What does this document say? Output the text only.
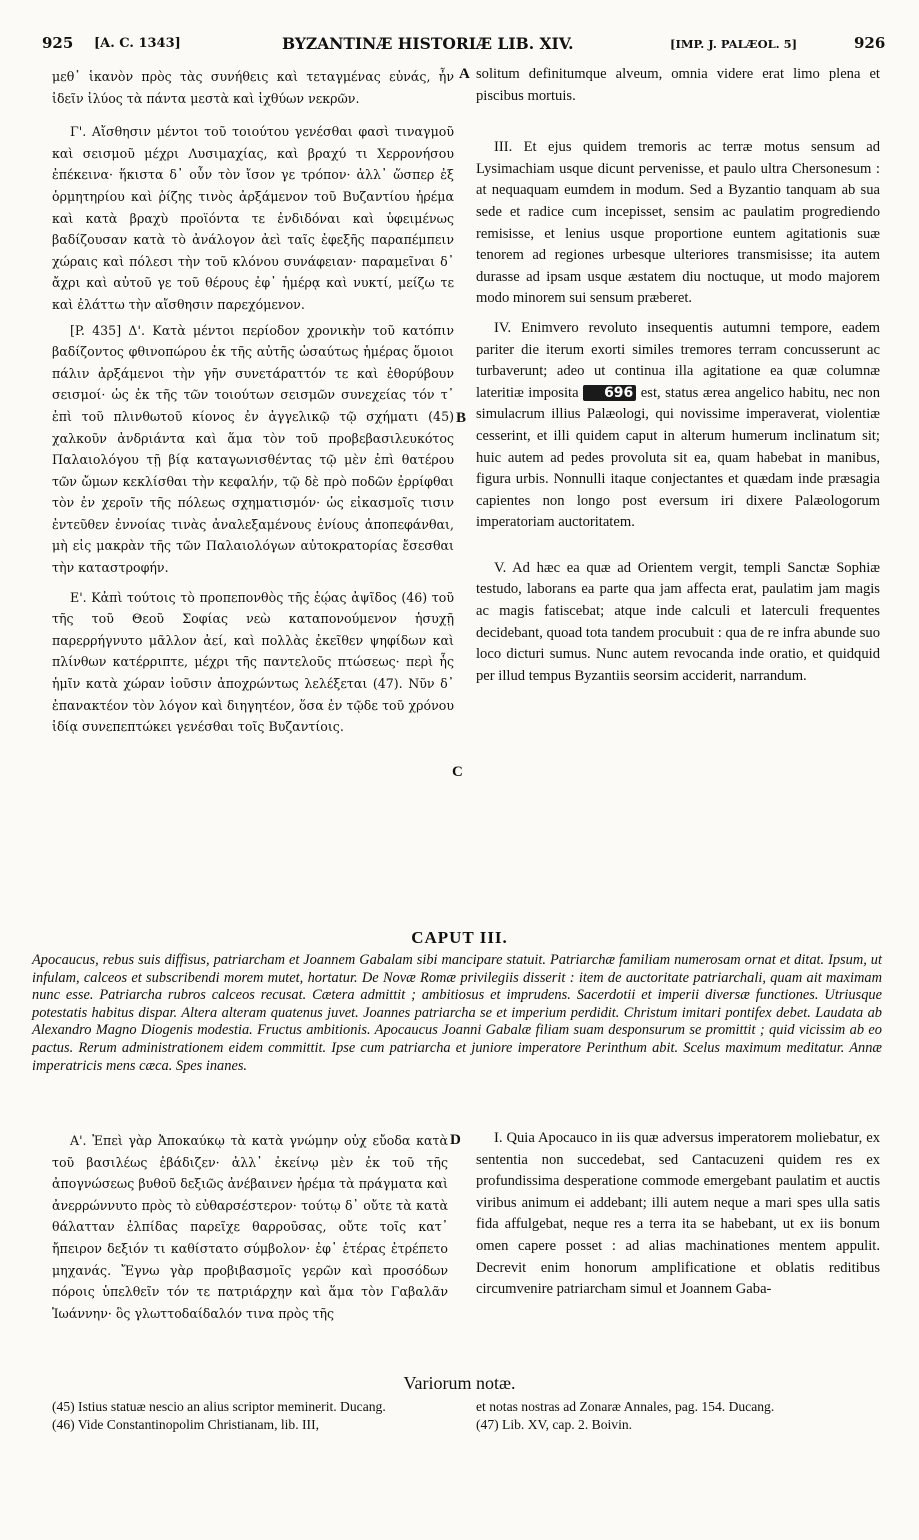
925 [A. C. 1343]	BYZANTINÆ HISTORIÆ LIB. XIV.	[IMP. J. PALÆOL. 5]	926

μεθ᾿ ἱκανὸν πρὸς τὰς συνήθεις καὶ τεταγμένας εὐνάς, ἦν ἰδεῖν ἰλύος τὰ πάντα μεστὰ καὶ ἰχθύων νεκρῶν.

Γ'. Αἴσθησιν μέντοι τοῦ τοιούτου γενέσθαι φασὶ τιναγμοῦ καὶ σεισμοῦ μέχρι Λυσιμαχίας, καὶ βραχύ τι Χερρονήσου ἐπέκεινα· ἥκιστα δ᾿ οὖν τὸν ἴσον γε τρόπον· ἀλλ᾿ ὥσπερ ἐξ ὁρμητηρίου καὶ ῥίζης τινὸς ἀρξάμενον τοῦ Βυζαντίου ἠρέμα καὶ κατὰ βραχὺ προϊόντα τε ἐνδιδόναι καὶ ὑφειμένως βαδίζουσαν κατὰ τὸ ἀνάλογον ἀεὶ ταῖς ἐφεξῆς παραπέμπειν χώραις καὶ πόλεσι τὴν τοῦ κλόνου συνάφειαν· παραμεῖναι δ᾿ ἄχρι καὶ αὐτοῦ γε τοῦ θέρους ἐφ᾿ ἡμέρᾳ καὶ νυκτί, μείζω τε καὶ ἐλάττω τὴν αἴσθησιν παρεχόμενον.

[P. 435] Δ'. Κατὰ μέντοι περίοδον χρονικὴν τοῦ κατόπιν βαδίζοντος φθινοπώρου ἐκ τῆς αὐτῆς ὡσαύτως ἡμέρας ὅμοιοι πάλιν ἀρξάμενοι τὴν γῆν συνετάραττόν τε καὶ ἐθορύβουν σεισμοί· ὡς ἐκ τῆς τῶν τοιούτων σεισμῶν συνεχείας τόν τ᾿ ἐπὶ τοῦ πλινθωτοῦ κίονος ἐν ἀγγελικῷ τῷ σχήματι (45) χαλκοῦν ἀνδριάντα καὶ ἅμα τὸν τοῦ προβεβασιλευκότος Παλαιολόγου τῇ βίᾳ καταγωνισθέντας τῷ μὲν ἐπὶ θατέρου τῶν ὤμων κεκλίσθαι τὴν κεφαλήν, τῷ δὲ πρὸ ποδῶν ἐρρίφθαι τὸν ἐν χεροῖν τῆς πόλεως σχηματισμόν· ὡς εἰκασμοῖς τισιν ἐντεῦθεν ἐννοίας τινὰς ἀναλεξαμένους ἐνίους ἀποπεφάνθαι, μὴ εἰς μακρὰν τῆς τῶν Παλαιολόγων αὐτοκρατορίας ἔσεσθαι τὴν καταστροφήν.

Ε'. Κἀπὶ τούτοις τὸ προπεπονθὸς τῆς ἑῴας ἀψῖδος (46) τοῦ τῆς τοῦ Θεοῦ Σοφίας νεὼ καταπονούμενον ἡσυχῇ παρερρήγνυτο μᾶλλον ἀεί, καὶ πολλὰς ἐκεῖθεν ψηφίδων καὶ πλίνθων κατέρριπτε, μέχρι τῆς παντελοῦς πτώσεως· περὶ ἧς ἡμῖν κατὰ χώραν ἰοῦσιν ἀποχρώντως λελέξεται (47). Νῦν δ᾿ ἐπανακτέον τὸν λόγον καὶ διηγητέον, ὅσα ἐν τῷδε τοῦ χρόνου ἰδίᾳ συνεπεπτώκει γενέσθαι τοῖς Βυζαντίοις.

A
B
C
D

solitum definitumque alveum, omnia videre erat limo plena et piscibus mortuis.

III. Et ejus quidem tremoris ac terræ motus sensum ad Lysimachiam usque dicunt pervenisse, et paulo ultra Chersonesum : at nequaquam eumdem in modum. Sed a Byzantio tanquam ab sua sede et radice cum incepisset, sensim ac paulatim progrediendo remisisse, et lenius usque proportione euntem agitationis suæ tenorem ad regiones urbesque ulteriores transmisisse; ita autem durasse ad ipsam usque æstatem diu noctuque, ut modo majorem modo minorem sui sensum præberet.

IV. Enimvero revoluto insequentis autumni tempore, eadem pariter die iterum exorti similes tremores terram concusserunt ac turbaverunt; adeo ut continua illa agitatione ea quæ columnæ lateritiæ imposita 696 est, status ærea angelico habitu, nec non simulacrum illius Palæologi, qui novissime imperaverat, violentiæ cesserint, et illi quidem caput in alterum humerum inclinatum sit; huic autem ad pedes provoluta sit ea, quam habebat in manibus, figura urbis. Nonnulli itaque conjectantes et quædam inde præsagia capientes non longo post eversum iri dixere Palæologorum imperatoriam auctoritatem.

V. Ad hæc ea quæ ad Orientem vergit, templi Sanctæ Sophiæ testudo, laborans ea parte qua jam affecta erat, paulatim jam magis ac magis fatiscebat; atque inde calculi et laterculi frequentes decidebant, quoad tota tandem procubuit : qua de re infra abunde suo loco dicturi sumus. Nunc autem revocanda inde oratio, et quidquid per illud tempus Byzantiis seorsim acciderit, narrandum.

CAPUT III.
Apocaucus, rebus suis diffisus, patriarcham et Joannem Gabalam sibi mancipare statuit. Patriarchæ familiam numerosam ornat et ditat. Ipsum, ut infulam, calceos et subscribendi morem mutet, hortatur. De Novæ Romæ privilegiis disserit : item de auctoritate patriarchali, quam ait maximam nunc esse. Patriarcha rubros calceos recusat. Cætera admittit ; ambitiosus et imprudens. Sacerdotii et imperii diversæ functiones. Utriusque potestatis habitus dispar. Altera alteram quatenus juvet. Joannes patriarcha se et imperium perdidit. Christum imitari pontifex debet. Laudata ab Alexandro Magno Diogenis modestia. Fructus ambitionis. Apocaucus Joanni Gabalæ filiam suam desponsurum se promittit ; quid vicissim ab eo pactus. Rerum administrationem eidem committit. Ipse cum patriarcha et juniore imperatore Perinthum abit. Scelus maximum meditatur. Annæ imperatricis mens cæca. Spes inanes.

Α'. Ἐπεὶ γὰρ Ἀποκαύκῳ τὰ κατὰ γνώμην οὐχ εὔοδα κατὰ τοῦ βασιλέως ἐβάδιζεν· ἀλλ᾿ ἐκείνῳ μὲν ἐκ τοῦ τῆς ἀπογνώσεως βυθοῦ δεξιῶς ἀνέβαινεν ἠρέμα τὰ πράγματα καὶ ἀνερρώννυτο πρὸς τὸ εὐθαρσέστερον· τούτῳ δ᾿ οὔτε τὰ κατὰ θάλατταν ἐλπίδας παρεῖχε θαρροῦσας, οὔτε τοῖς κατ᾿ ἤπειρον δεξιόν τι καθίστατο σύμβολον· ἐφ᾿ ἑτέρας ἐτρέπετο μηχανάς. Ἔγνω γὰρ προβιβασμοῖς γερῶν καὶ προσόδων πόροις ὑπελθεῖν τόν τε πατριάρχην καὶ ἅμα τὸν Γαβαλᾶν Ἰωάννην· ὃς γλωττοδαίδαλόν τινα πρὸς τῆς

I. Quia Apocauco in iis quæ adversus imperatorem moliebatur, ex sententia non succedebat, sed Cantacuzeni quidem res ex profundissima desperatione commode emergebant paulatim et auctis viribus animum ei addebant; illi autem neque a mari spes ulla satis fida affulgebat, neque res a terra ita se habebant, ut ex iis bonum omen capere posset : ad alias machinationes mentem appulit. Decrevit enim honorum amplificatione et oblatis reditibus circumvenire patriarcham simul et Joannem Gaba-

Variorum notæ.
(45) Istius statuæ nescio an alius scriptor meminerit. Ducang.
(46) Vide Constantinopolim Christianam, lib. III,
et notas nostras ad Zonaræ Annales, pag. 154. Ducang.
(47) Lib. XV, cap. 2. Boivin.
